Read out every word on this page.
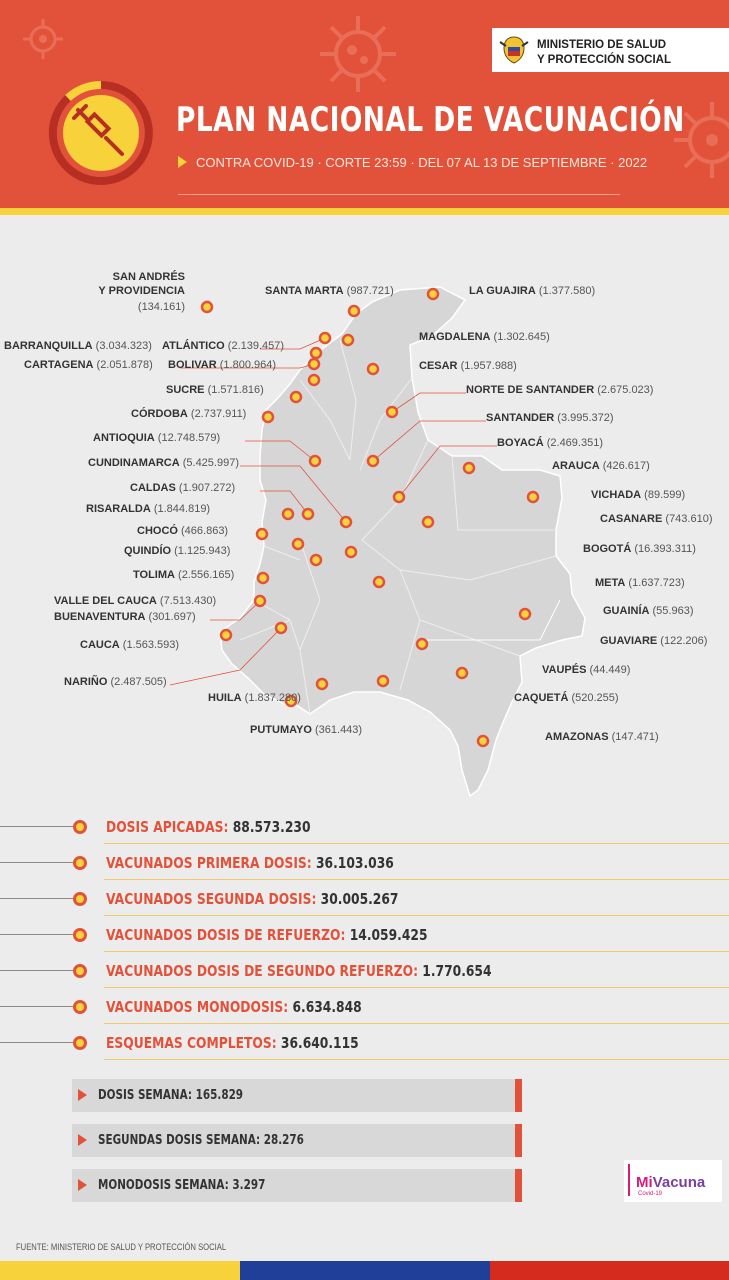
MINISTERIO DE SALUD
Y PROTECCIÓN SOCIAL
PLAN NACIONAL DE VACUNACIÓN
CONTRA COVID-19 · CORTE 23:59 · DEL 07 AL 13 DE SEPTIEMBRE · 2022
SAN ANDRÉS Y PROVIDENCIA (134.161)
SANTA MARTA (987.721)	LA GUAJIRA (1.377.580)
BARRANQUILLA (3.034.323) ATLÁNTICO (2.139.457)
MAGDALENA (1.302.645)
CARTAGENA (2.051.878) BOLIVAR (1.800.964)	CESAR (1.957.988)
SUCRE (1.571.816)	NORTE DE SANTANDER (2.675.023)
CÓRDOBA (2.737.911)	SANTANDER (3.995.372)
ANTIOQUIA (12.748.579)	BOYACÁ (2.469.351)
CUNDINAMARCA (5.425.997)	ARAUCA (426.617)
CALDAS (1.907.272)
VICHADA (89.599)
RISARALDA (1.844.819)
CASANARE (743.610)
CHOCÓ (466.863)
QUINDÍO (1.125.943)	BOGOTÁ (16.393.311)
TOLIMA (2.556.165)
META (1.637.723)
VALLE DEL CAUCA (7.513.430)
BUENAVENTURA (301.697)	GUAINÍA (55.963)
CAUCA (1.563.593)	GUAVIARE (122.206)
VAUPÉS (44.449)
NARIÑO (2.487.505)
CAQUETÁ (520.255)
HUILA (1.837.280)
AMAZONAS (147.471)
PUTUMAYO (361.443)
DOSIS APICADAS: 88.573.230
VACUNADOS PRIMERA DOSIS: 36.103.036
VACUNADOS SEGUNDA DOSIS: 30.005.267
VACUNADOS DOSIS DE REFUERZO: 14.059.425
VACUNADOS DOSIS DE SEGUNDO REFUERZO: 1.770.654
VACUNADOS MONODOSIS: 6.634.848
ESQUEMAS COMPLETOS: 36.640.115
DOSIS SEMANA: 165.829
SEGUNDAS DOSIS SEMANA: 28.276
MONODOSIS SEMANA: 3.297	MiVacuna
Covid-19
FUENTE: MINISTERIO DE SALUD Y PROTECCIÓN SOCIAL
